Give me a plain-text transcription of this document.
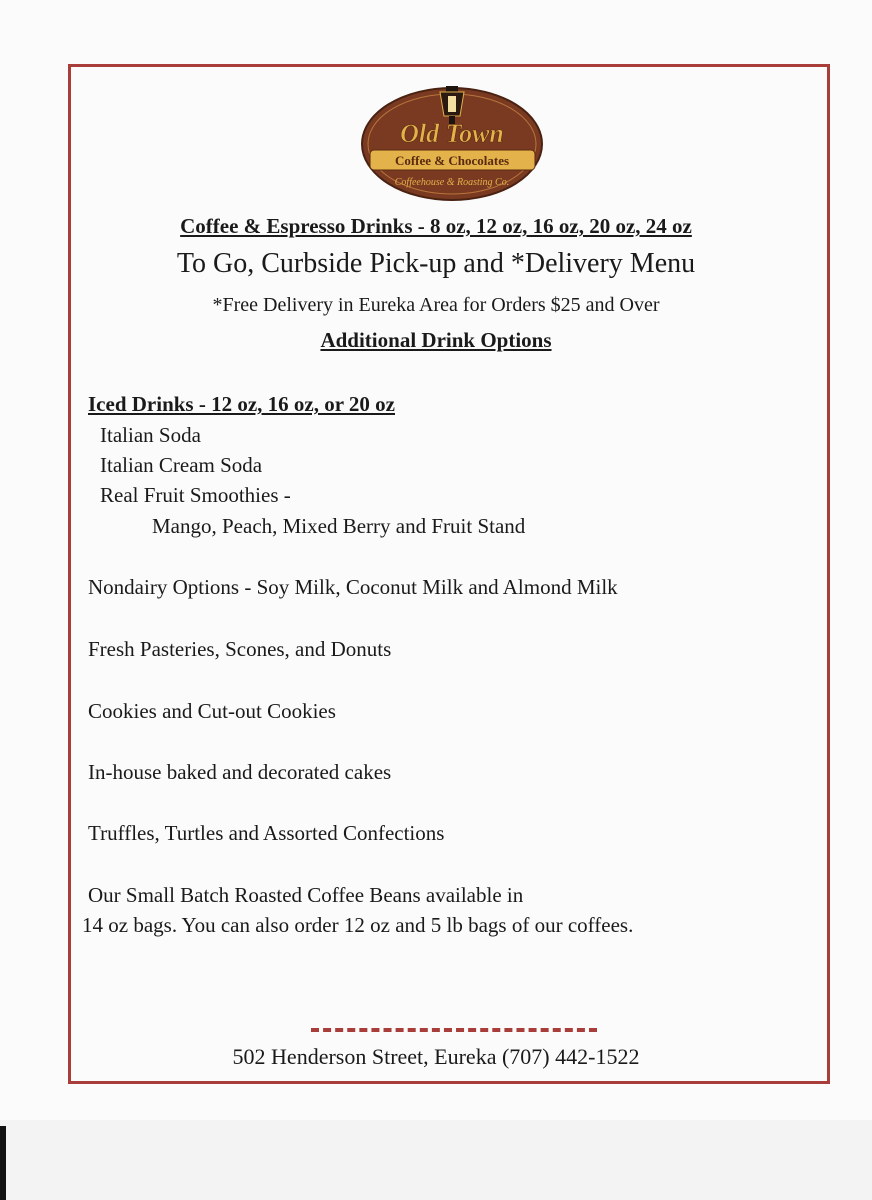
Old Town
Coffee & Chocolates
Coffeehouse & Roasting Co.

Coffee & Espresso Drinks - 8 oz, 12 oz, 16 oz, 20 oz, 24 oz

To Go, Curbside Pick-up and *Delivery Menu

*Free Delivery in Eureka Area for Orders $25 and Over

Additional Drink Options

Iced Drinks - 12 oz, 16 oz, or 20 oz

Italian Soda

Italian Cream Soda

Real Fruit Smoothies -

Mango, Peach, Mixed Berry and Fruit Stand

Nondairy Options - Soy Milk, Coconut Milk and Almond Milk

Fresh Pasteries, Scones, and Donuts

Cookies and Cut-out Cookies

In-house baked and decorated cakes

Truffles, Turtles and Assorted Confections

Our Small Batch Roasted Coffee Beans available in

14 oz bags. You can also order 12 oz and 5 lb bags of our coffees.

502 Henderson Street, Eureka (707) 442-1522
